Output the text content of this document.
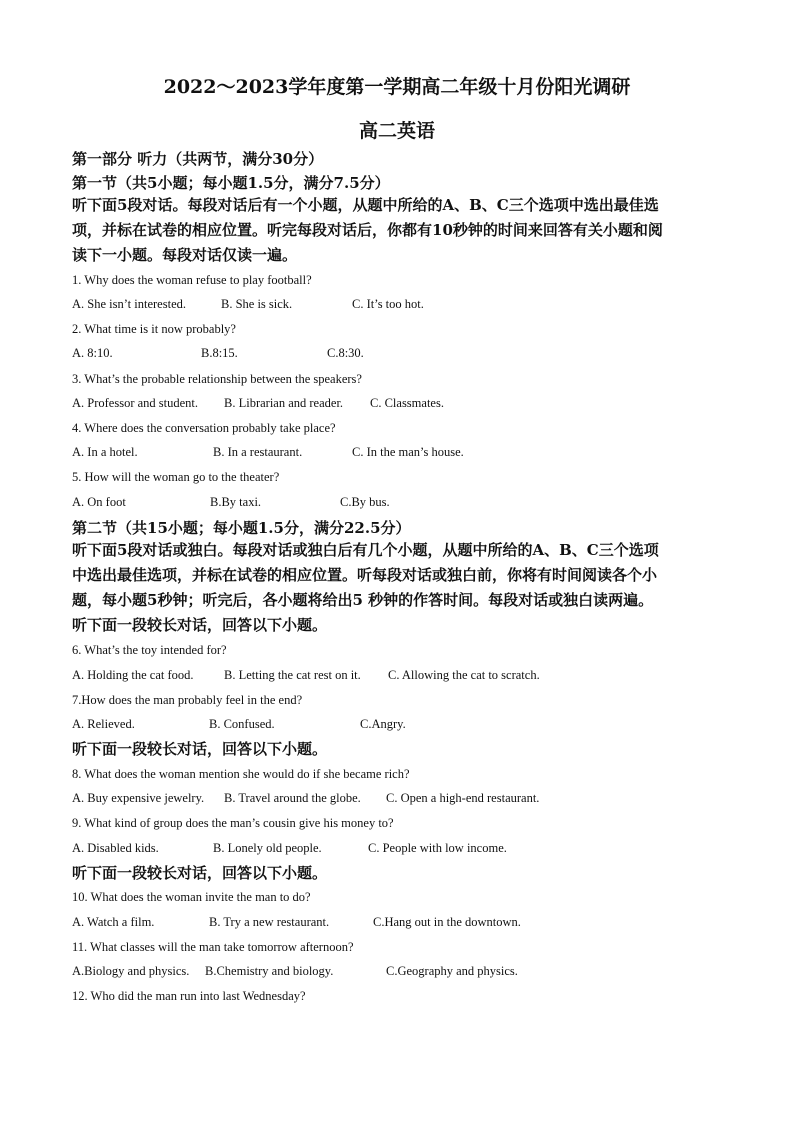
2022～2023学年度第一学期高二年级十月份阳光调研
高二英语
第一部分 听力（共两节，满分30分）
第一节（共5小题；每小题1.5分，满分7.5分）
听下面5段对话。每段对话后有一个小题，从题中所给的A、B、C三个选项中选出最佳选
项，并标在试卷的相应位置。听完每段对话后，你都有10秒钟的时间来回答有关小题和阅
读下一小题。每段对话仅读一遍。
1. Why does the woman refuse to play football?
A. She isn’t interested.	B. She is sick.	C. It’s too hot.
2. What time is it now probably?
A. 8:10.	B.8:15.	C.8:30.
3. What’s the probable relationship between the speakers?
A. Professor and student. B. Librarian and reader. C. Classmates.
4. Where does the conversation probably take place?
A. In a hotel.	B. In a restaurant.	C. In the man’s house.
5. How will the woman go to the theater?
A. On foot	B.By taxi.	C.By bus.
第二节（共15小题；每小题1.5分，满分22.5分）
听下面5段对话或独白。每段对话或独白后有几个小题，从题中所给的A、B、C三个选项
中选出最佳选项，并标在试卷的相应位置。听每段对话或独白前，你将有时间阅读各个小
题，每小题5秒钟；听完后，各小题将给出5 秒钟的作答时间。每段对话或独白读两遍。
听下面一段较长对话，回答以下小题。
6. What’s the toy intended for?
A. Holding the cat food. B. Letting the cat rest on it. C. Allowing the cat to scratch.
7.How does the man probably feel in the end?
A. Relieved.	B. Confused.	C.Angry.
听下面一段较长对话，回答以下小题。
8. What does the woman mention she would do if she became rich?
A. Buy expensive jewelry. B. Travel around the globe. C. Open a high-end restaurant.
9. What kind of group does the man’s cousin give his money to?
A. Disabled kids.	B. Lonely old people.	C. People with low income.
听下面一段较长对话，回答以下小题。
10. What does the woman invite the man to do?
A. Watch a film.	B. Try a new restaurant.	C.Hang out in the downtown.
11. What classes will the man take tomorrow afternoon?
A.Biology and physics. B.Chemistry and biology.	C.Geography and physics.
12. Who did the man run into last Wednesday?
